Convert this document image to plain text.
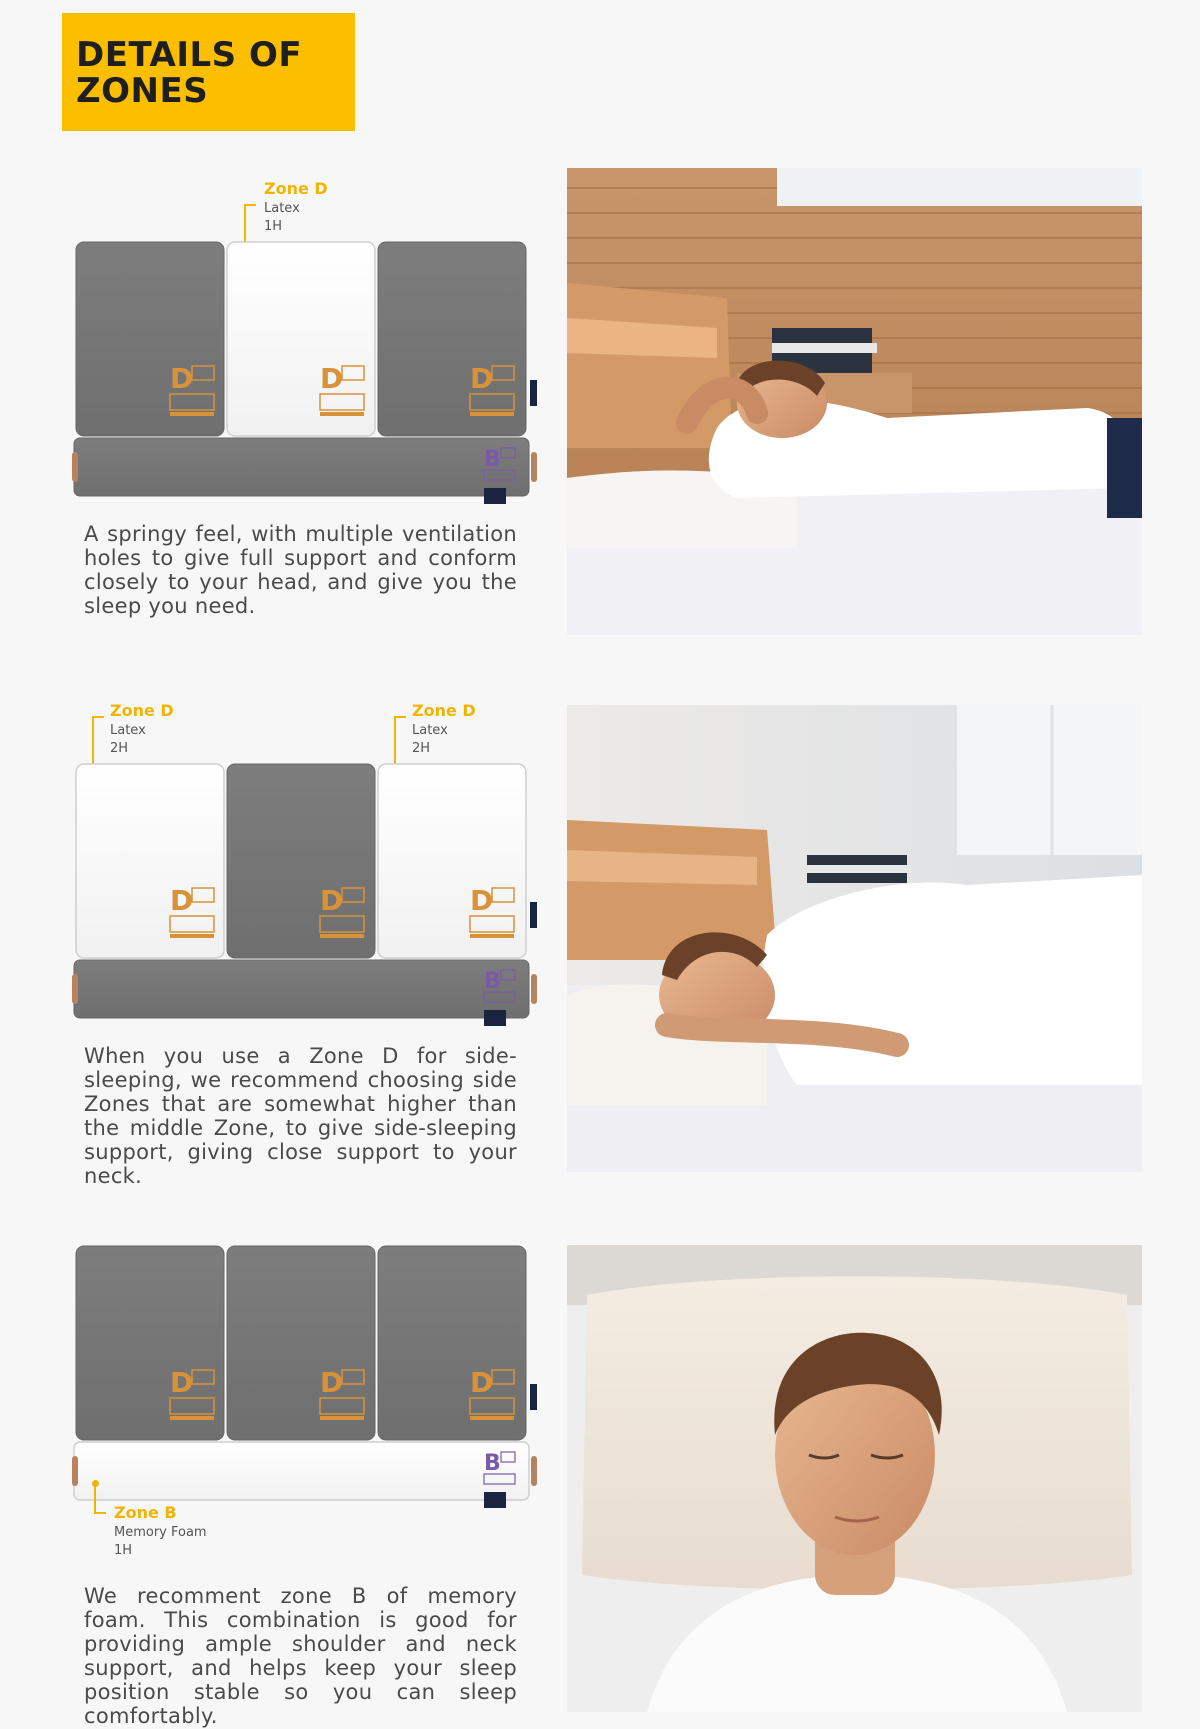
DETAILS OF ZONES
Zone D
Latex
1H
D	D	D
B
A springy feel, with multiple ventilation holes to give full support and conform closely to your head, and give you the sleep you need.
Zone D
Latex
2H
Zone D
Latex
2H
D	D	D
B
When you use a Zone D for side-sleeping, we recommend choosing side Zones that are somewhat higher than the middle Zone, to give side-sleeping support, giving close support to your neck.
D	D	D
B
Zone B
Memory Foam
1H
We recomment zone B of memory foam. This combination is good for providing ample shoulder and neck support, and helps keep your sleep position stable so you can sleep comfortably.
